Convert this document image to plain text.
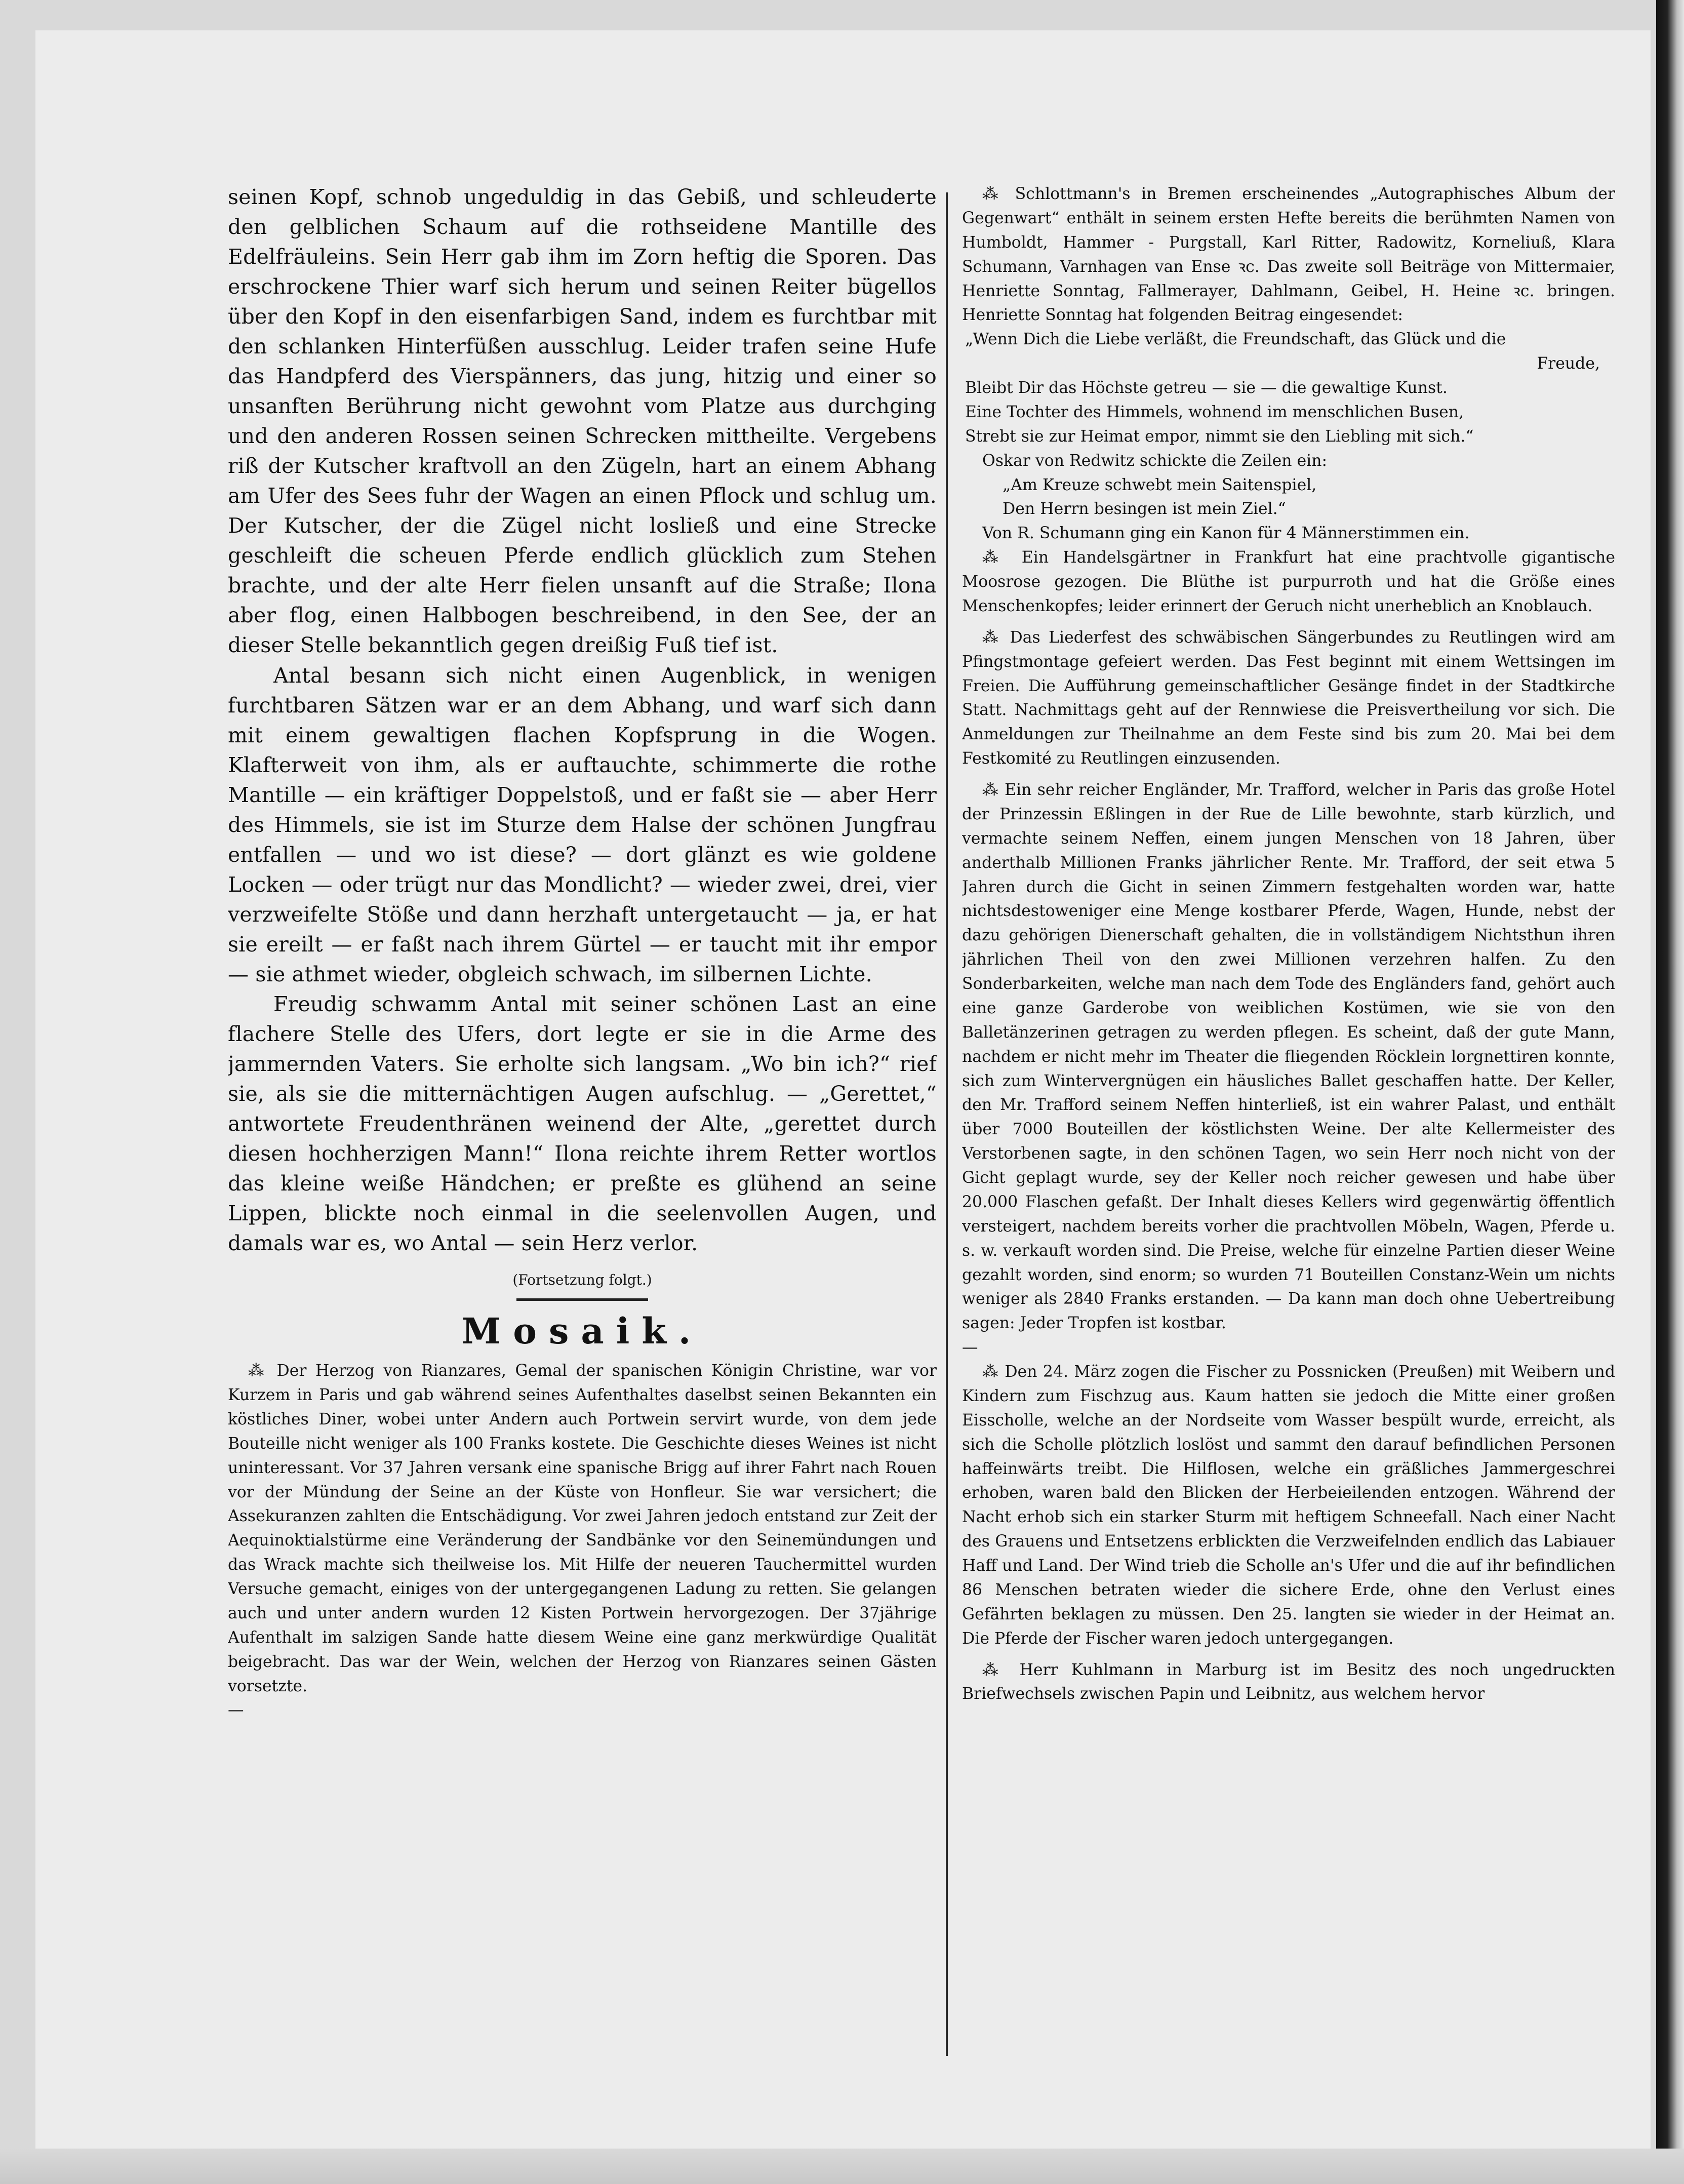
seinen Kopf, schnob ungeduldig in das Gebiß, und schleuderte den gelblichen Schaum auf die rothseidene Mantille des Edelfräuleins. Sein Herr gab ihm im Zorn heftig die Sporen. Das erschrockene Thier warf sich herum und seinen Reiter bügellos über den Kopf in den eisenfarbigen Sand, indem es furchtbar mit den schlanken Hinterfüßen ausschlug. Leider trafen seine Hufe das Handpferd des Vierspänners, das jung, hitzig und einer so unsanften Berührung nicht gewohnt vom Platze aus durchging und den anderen Rossen seinen Schrecken mittheilte. Vergebens riß der Kutscher kraftvoll an den Zügeln, hart an einem Abhang am Ufer des Sees fuhr der Wagen an einen Pflock und schlug um. Der Kutscher, der die Zügel nicht losließ und eine Strecke geschleift die scheuen Pferde endlich glücklich zum Stehen brachte, und der alte Herr fielen unsanft auf die Straße; Ilona aber flog, einen Halbbogen beschreibend, in den See, der an dieser Stelle bekanntlich gegen dreißig Fuß tief ist.

Antal besann sich nicht einen Augenblick, in wenigen furchtbaren Sätzen war er an dem Abhang, und warf sich dann mit einem gewaltigen flachen Kopfsprung in die Wogen. Klafterweit von ihm, als er auftauchte, schimmerte die rothe Mantille — ein kräftiger Doppelstoß, und er faßt sie — aber Herr des Himmels, sie ist im Sturze dem Halse der schönen Jungfrau entfallen — und wo ist diese? — dort glänzt es wie goldene Locken — oder trügt nur das Mondlicht? — wieder zwei, drei, vier verzweifelte Stöße und dann herzhaft untergetaucht — ja, er hat sie ereilt — er faßt nach ihrem Gürtel — er taucht mit ihr empor — sie athmet wieder, obgleich schwach, im silbernen Lichte.

Freudig schwamm Antal mit seiner schönen Last an eine flachere Stelle des Ufers, dort legte er sie in die Arme des jammernden Vaters. Sie erholte sich langsam. „Wo bin ich?“ rief sie, als sie die mitternächtigen Augen aufschlug. — „Gerettet,“ antwortete Freudenthränen weinend der Alte, „gerettet durch diesen hochherzigen Mann!“ Ilona reichte ihrem Retter wortlos das kleine weiße Händchen; er preßte es glühend an seine Lippen, blickte noch einmal in die seelenvollen Augen, und damals war es, wo Antal — sein Herz verlor.

(Fortsetzung folgt.)
Mosaik.

⁂ Der Herzog von Rianzares, Gemal der spanischen Königin Christine, war vor Kurzem in Paris und gab während seines Aufenthaltes daselbst seinen Bekannten ein köstliches Diner, wobei unter Andern auch Portwein servirt wurde, von dem jede Bouteille nicht weniger als 100 Franks kostete. Die Geschichte dieses Weines ist nicht uninteressant. Vor 37 Jahren versank eine spanische Brigg auf ihrer Fahrt nach Rouen vor der Mündung der Seine an der Küste von Honfleur. Sie war versichert; die Assekuranzen zahlten die Entschädigung. Vor zwei Jahren jedoch entstand zur Zeit der Aequinoktialstürme eine Veränderung der Sandbänke vor den Seinemündungen und das Wrack machte sich theilweise los. Mit Hilfe der neueren Tauchermittel wurden Versuche gemacht, einiges von der untergegangenen Ladung zu retten. Sie gelangen auch und unter andern wurden 12 Kisten Portwein hervorgezogen. Der 37jährige Aufenthalt im salzigen Sande hatte diesem Weine eine ganz merkwürdige Qualität beigebracht. Das war der Wein, welchen der Herzog von Rianzares seinen Gästen vorsetzte.

—

⁂ Schlottmann's in Bremen erscheinendes „Autographisches Album der Gegenwart“ enthält in seinem ersten Hefte bereits die berühmten Namen von Humboldt, Hammer - Purgstall, Karl Ritter, Radowitz, Korneliuß, Klara Schumann, Varnhagen van Ense ꝛc. Das zweite soll Beiträge von Mittermaier, Henriette Sonntag, Fallmerayer, Dahlmann, Geibel, H. Heine ꝛc. bringen. Henriette Sonntag hat folgenden Beitrag eingesendet:

„Wenn Dich die Liebe verläßt, die Freundschaft, das Glück und die

Freude,

Bleibt Dir das Höchste getreu — sie — die gewaltige Kunst.

Eine Tochter des Himmels, wohnend im menschlichen Busen,

Strebt sie zur Heimat empor, nimmt sie den Liebling mit sich.“

Oskar von Redwitz schickte die Zeilen ein:

„Am Kreuze schwebt mein Saitenspiel,

Den Herrn besingen ist mein Ziel.“

Von R. Schumann ging ein Kanon für 4 Männerstimmen ein.

⁂ Ein Handelsgärtner in Frankfurt hat eine prachtvolle gigantische Moosrose gezogen. Die Blüthe ist purpurroth und hat die Größe eines Menschenkopfes; leider erinnert der Geruch nicht unerheblich an Knoblauch.

⁂ Das Liederfest des schwäbischen Sängerbundes zu Reutlingen wird am Pfingstmontage gefeiert werden. Das Fest beginnt mit einem Wettsingen im Freien. Die Aufführung gemeinschaftlicher Gesänge findet in der Stadtkirche Statt. Nachmittags geht auf der Rennwiese die Preisvertheilung vor sich. Die Anmeldungen zur Theilnahme an dem Feste sind bis zum 20. Mai bei dem Festkomité zu Reutlingen einzusenden.

⁂ Ein sehr reicher Engländer, Mr. Trafford, welcher in Paris das große Hotel der Prinzessin Eßlingen in der Rue de Lille bewohnte, starb kürzlich, und vermachte seinem Neffen, einem jungen Menschen von 18 Jahren, über anderthalb Millionen Franks jährlicher Rente. Mr. Trafford, der seit etwa 5 Jahren durch die Gicht in seinen Zimmern festgehalten worden war, hatte nichtsdestoweniger eine Menge kostbarer Pferde, Wagen, Hunde, nebst der dazu gehörigen Dienerschaft gehalten, die in vollständigem Nichtsthun ihren jährlichen Theil von den zwei Millionen verzehren halfen. Zu den Sonderbarkeiten, welche man nach dem Tode des Engländers fand, gehört auch eine ganze Garderobe von weiblichen Kostümen, wie sie von den Balletänzerinen getragen zu werden pflegen. Es scheint, daß der gute Mann, nachdem er nicht mehr im Theater die fliegenden Röcklein lorgnettiren konnte, sich zum Wintervergnügen ein häusliches Ballet geschaffen hatte. Der Keller, den Mr. Trafford seinem Neffen hinterließ, ist ein wahrer Palast, und enthält über 7000 Bouteillen der köstlichsten Weine. Der alte Kellermeister des Verstorbenen sagte, in den schönen Tagen, wo sein Herr noch nicht von der Gicht geplagt wurde, sey der Keller noch reicher gewesen und habe über 20.000 Flaschen gefaßt. Der Inhalt dieses Kellers wird gegenwärtig öffentlich versteigert, nachdem bereits vorher die prachtvollen Möbeln, Wagen, Pferde u. s. w. verkauft worden sind. Die Preise, welche für einzelne Partien dieser Weine gezahlt worden, sind enorm; so wurden 71 Bouteillen Constanz-Wein um nichts weniger als 2840 Franks erstanden. — Da kann man doch ohne Uebertreibung sagen: Jeder Tropfen ist kostbar.

—

⁂ Den 24. März zogen die Fischer zu Possnicken (Preußen) mit Weibern und Kindern zum Fischzug aus. Kaum hatten sie jedoch die Mitte einer großen Eisscholle, welche an der Nordseite vom Wasser bespült wurde, erreicht, als sich die Scholle plötzlich loslöst und sammt den darauf befindlichen Personen haffeinwärts treibt. Die Hilflosen, welche ein gräßliches Jammergeschrei erhoben, waren bald den Blicken der Herbeieilenden entzogen. Während der Nacht erhob sich ein starker Sturm mit heftigem Schneefall. Nach einer Nacht des Grauens und Entsetzens erblickten die Verzweifelnden endlich das Labiauer Haff und Land. Der Wind trieb die Scholle an's Ufer und die auf ihr befindlichen 86 Menschen betraten wieder die sichere Erde, ohne den Verlust eines Gefährten beklagen zu müssen. Den 25. langten sie wieder in der Heimat an. Die Pferde der Fischer waren jedoch untergegangen.

⁂ Herr Kuhlmann in Marburg ist im Besitz des noch ungedruckten Briefwechsels zwischen Papin und Leibnitz, aus welchem hervor
